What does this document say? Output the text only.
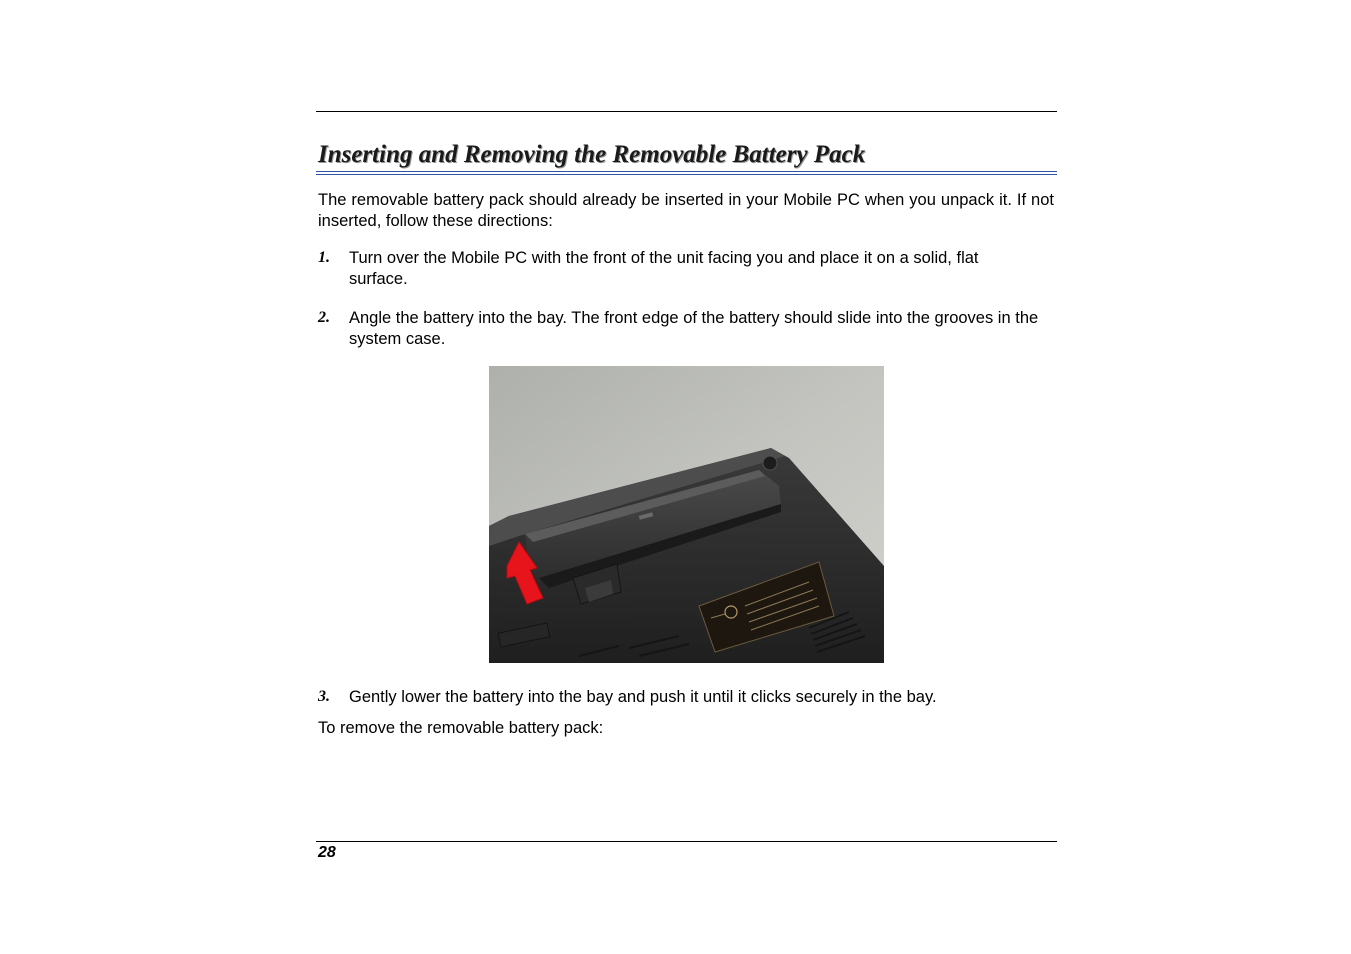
Inserting and Removing the Removable Battery Pack

The removable battery pack should already be inserted in your Mobile PC when you unpack it. If not inserted, follow these directions:

1. Turn over the Mobile PC with the front of the unit facing you and place it on a solid, flat surface.

2. Angle the battery into the bay. The front edge of the battery should slide into the grooves in the system case.

3. Gently lower the battery into the bay and push it until it clicks securely in the bay.

To remove the removable battery pack:

28
